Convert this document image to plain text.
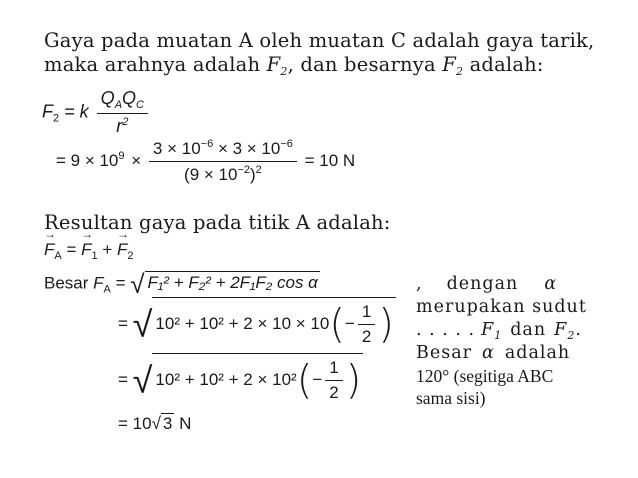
Gaya pada muatan A oleh muatan C adalah gaya tarik,
maka arahnya adalah $F_2$, dan besarnya $F_2$ adalah:
$F_2 = k \frac{Q_AQ_C}{r^2}$
= $9 \times 10^9 \times \frac{3 \times 10^{-6} \times 3 \times 10^{-6}}{(9 \times 10^{-2})^2} = 10$ N
Resultan gaya pada titik A adalah:
→ $F_A$ = → $F_1$ + → $F_2$
Besar $F_A$ = √ F₁² + F₂² + 2F₁F₂ cos α
= √ $10^2 + 10^2 + 2 \times 10 \times 10(- \frac{1}{2}$ )
= √ $10^2 + 10^2 + 2 \times 10^2(- \frac{1}{2}$ )
= 10√ 3 N
, dengan α
merupakan sudut
. . . . . $F_1$ dan $F_2$.
Besar α adalah
120° (segitiga ABC
sama sisi)
